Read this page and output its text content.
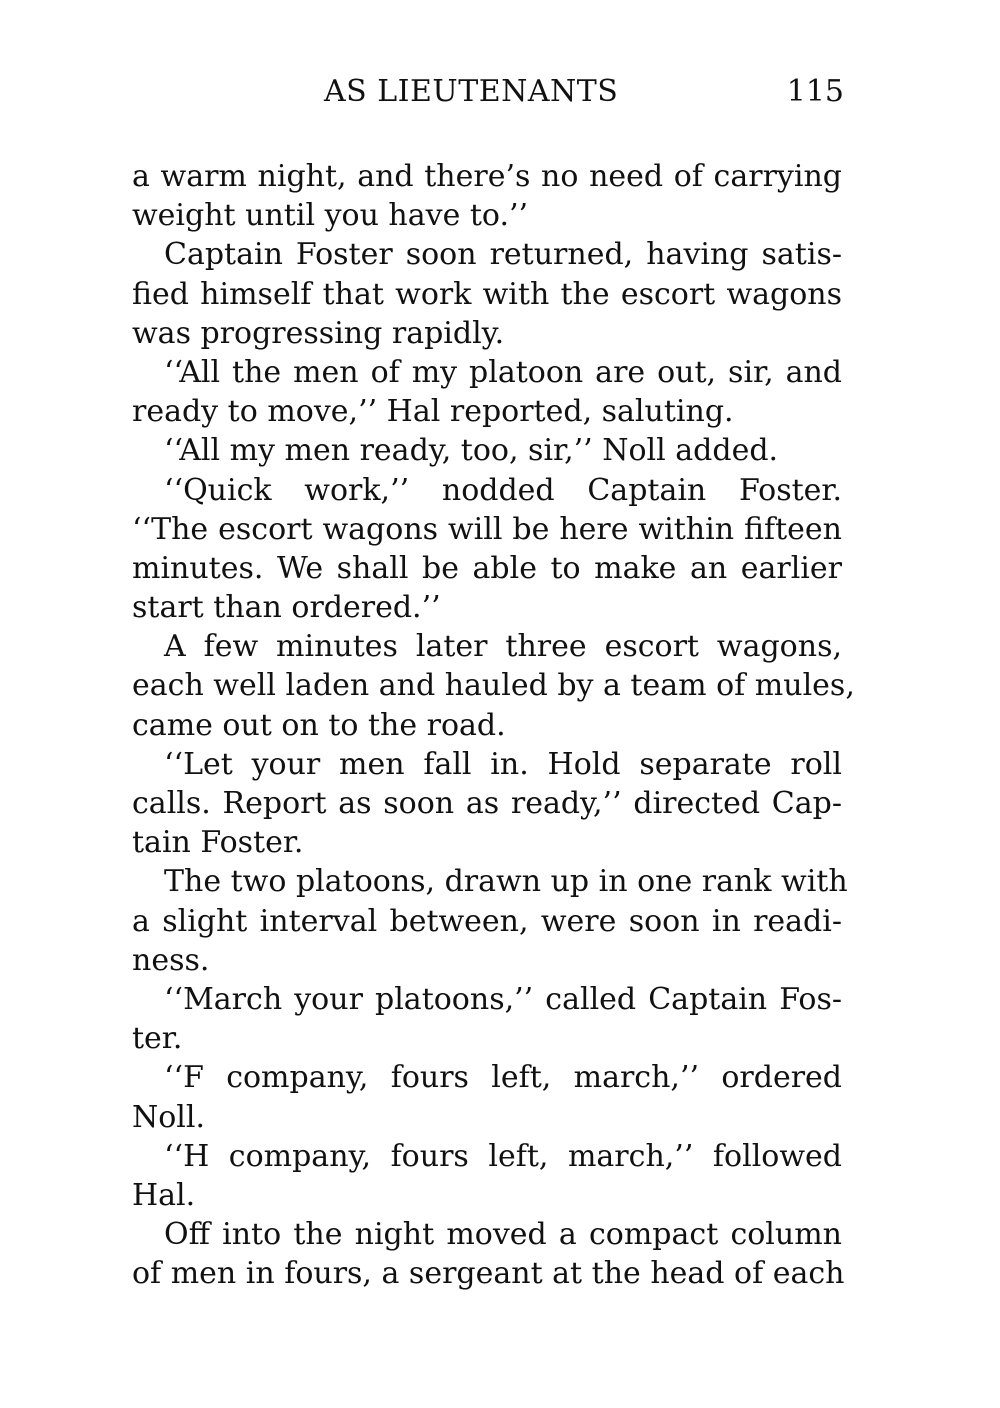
AS LIEUTENANTS	115
a warm night, and there’s no need of carrying
weight until you have to.’’
Captain Foster soon returned, having satis-
fied himself that work with the escort wagons
was progressing rapidly.
‘‘All the men of my platoon are out, sir, and
ready to move,’’ Hal reported, saluting.
‘‘All my men ready, too, sir,’’ Noll added.
‘‘Quick work,’’ nodded Captain Foster.
‘‘The escort wagons will be here within fifteen
minutes. We shall be able to make an earlier
start than ordered.’’
A few minutes later three escort wagons,
each well laden and hauled by a team of mules,
came out on to the road.
‘‘Let your men fall in. Hold separate roll
calls. Report as soon as ready,’’ directed Cap-
tain Foster.
The two platoons, drawn up in one rank with
a slight interval between, were soon in readi-
ness.
‘‘March your platoons,’’ called Captain Fos-
ter.
‘‘F company, fours left, march,’’ ordered
Noll.
‘‘H company, fours left, march,’’ followed
Hal.
Off into the night moved a compact column
of men in fours, a sergeant at the head of each
